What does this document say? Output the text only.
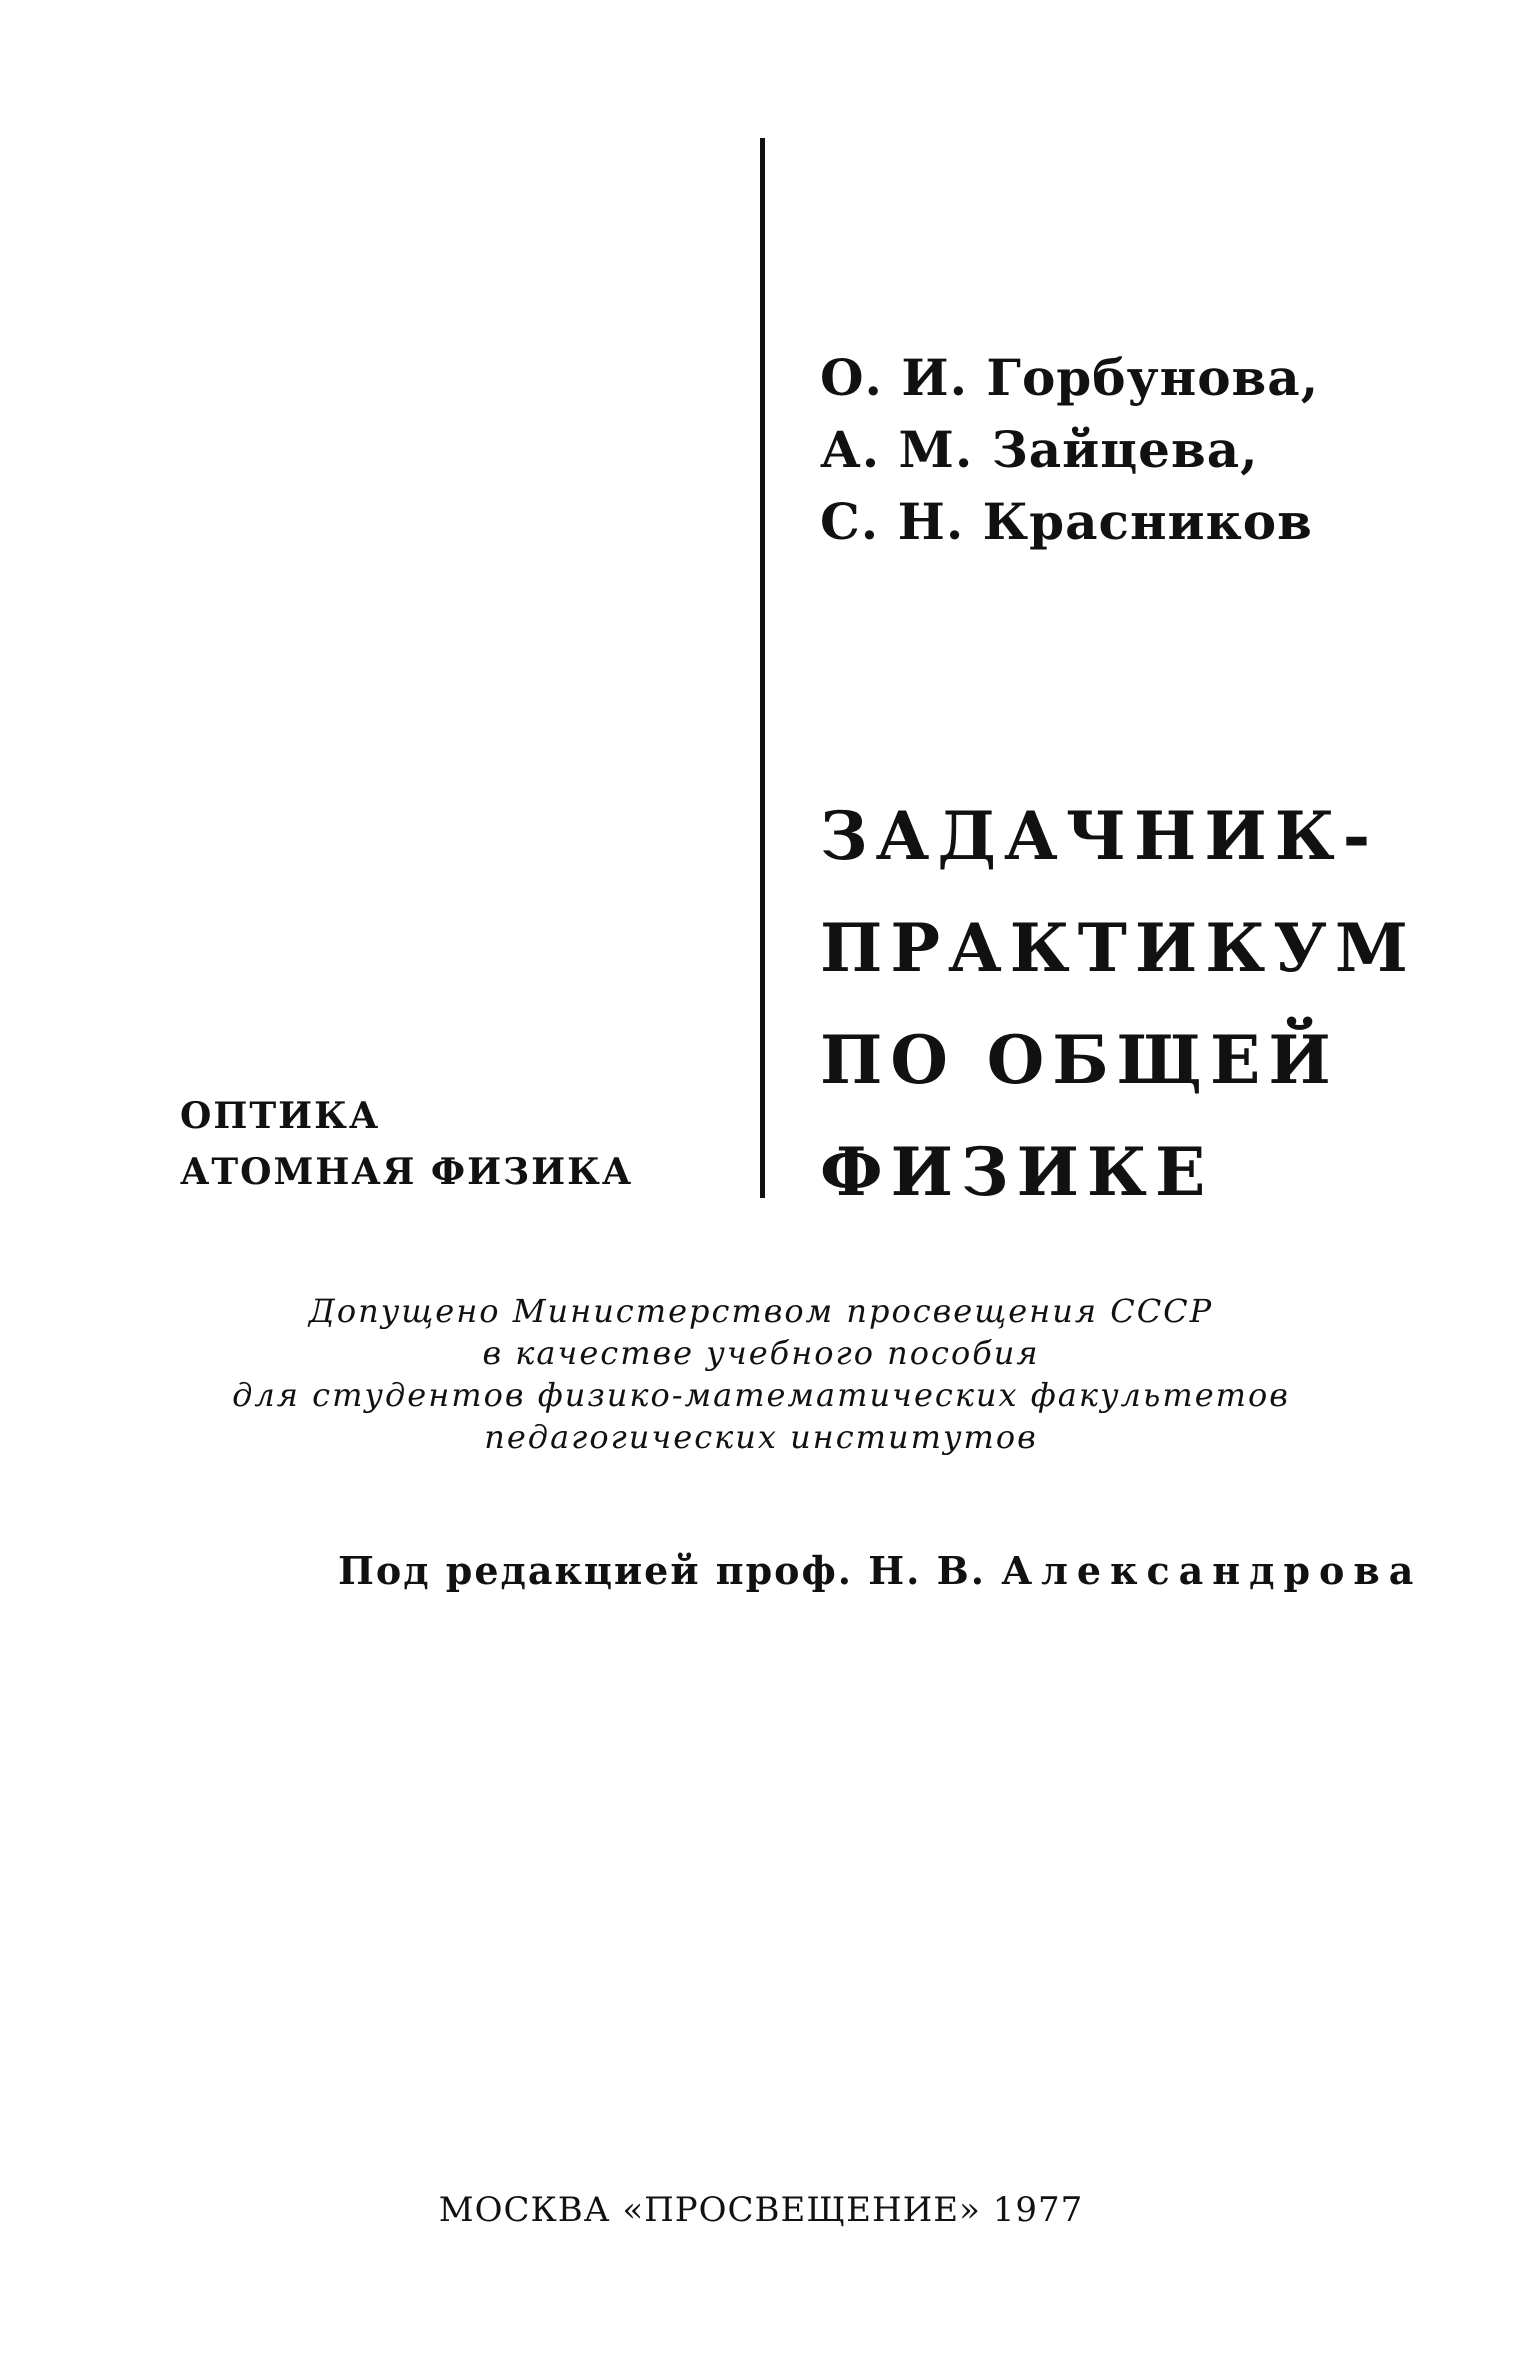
О. И. Горбунова,
А. М. Зайцева,
С. Н. Красников
ЗАДАЧНИК-
ПРАКТИКУМ
ПО ОБЩЕЙ
ФИЗИКЕ
ОПТИКА
АТОМНАЯ ФИЗИКА
Допущено Министерством просвещения СССР
в качестве учебного пособия
для студентов физико-математических факультетов
педагогических институтов
Под редакцией проф. Н. В. Александрова
МОСКВА «ПРОСВЕЩЕНИЕ» 1977
